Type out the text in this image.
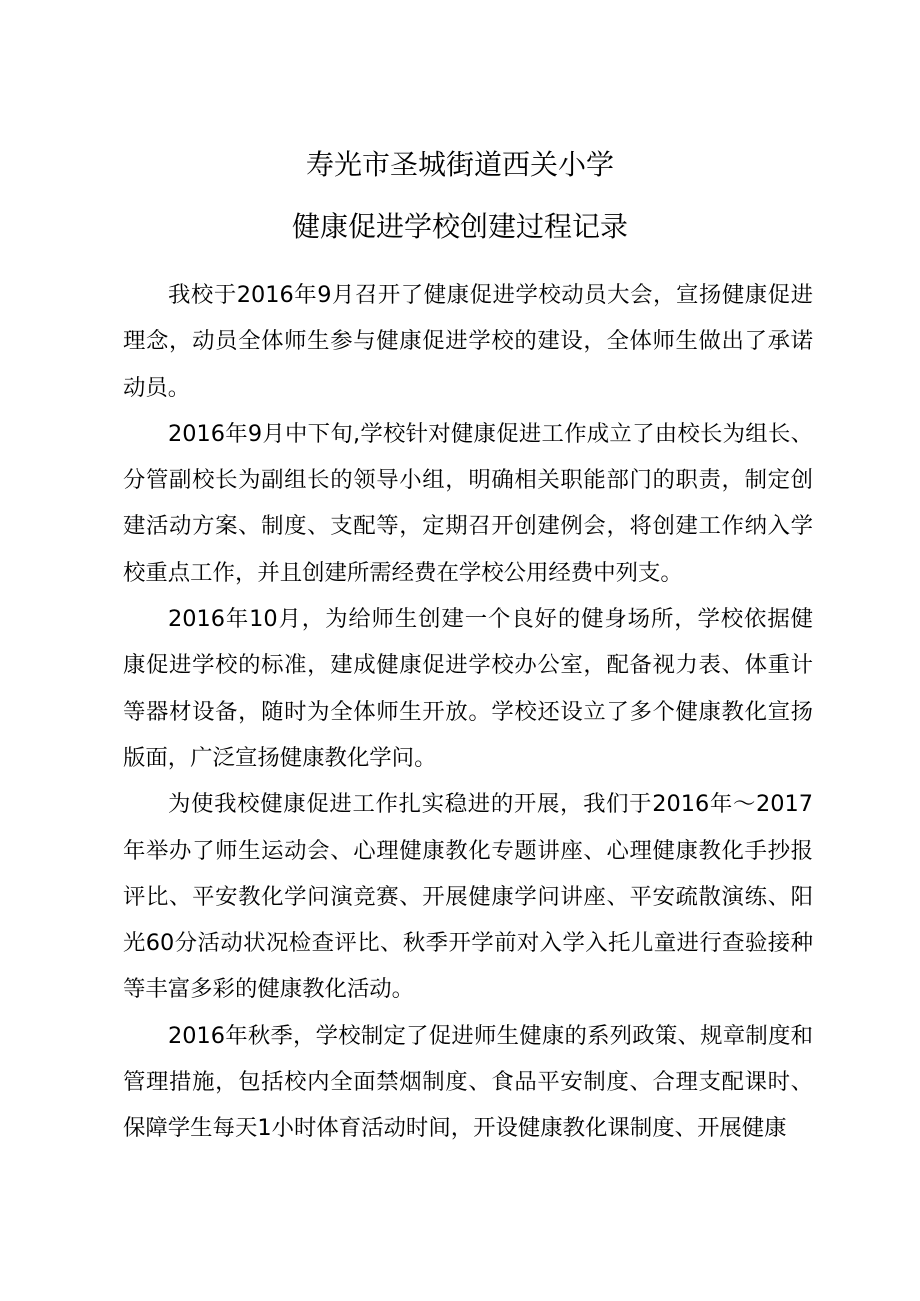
寿光市圣城街道西关小学
健康促进学校创建过程记录

我校于2016年9月召开了健康促进学校动员大会，宣扬健康促进理念，动员全体师生参与健康促进学校的建设，全体师生做出了承诺动员。

2016年9月中下旬,学校针对健康促进工作成立了由校长为组长、分管副校长为副组长的领导小组，明确相关职能部门的职责，制定创建活动方案、制度、支配等，定期召开创建例会，将创建工作纳入学校重点工作，并且创建所需经费在学校公用经费中列支。

2016年10月，为给师生创建一个良好的健身场所，学校依据健康促进学校的标准，建成健康促进学校办公室，配备视力表、体重计等器材设备，随时为全体师生开放。学校还设立了多个健康教化宣扬版面，广泛宣扬健康教化学问。

为使我校健康促进工作扎实稳进的开展，我们于2016年〜2017年举办了师生运动会、心理健康教化专题讲座、心理健康教化手抄报评比、平安教化学问演竞赛、开展健康学问讲座、平安疏散演练、阳光60分活动状况检查评比、秋季开学前对入学入托儿童进行查验接种等丰富多彩的健康教化活动。

2016年秋季，学校制定了促进师生健康的系列政策、规章制度和管理措施，包括校内全面禁烟制度、食品平安制度、合理支配课时、保障学生每天1小时体育活动时间，开设健康教化课制度、开展健康
